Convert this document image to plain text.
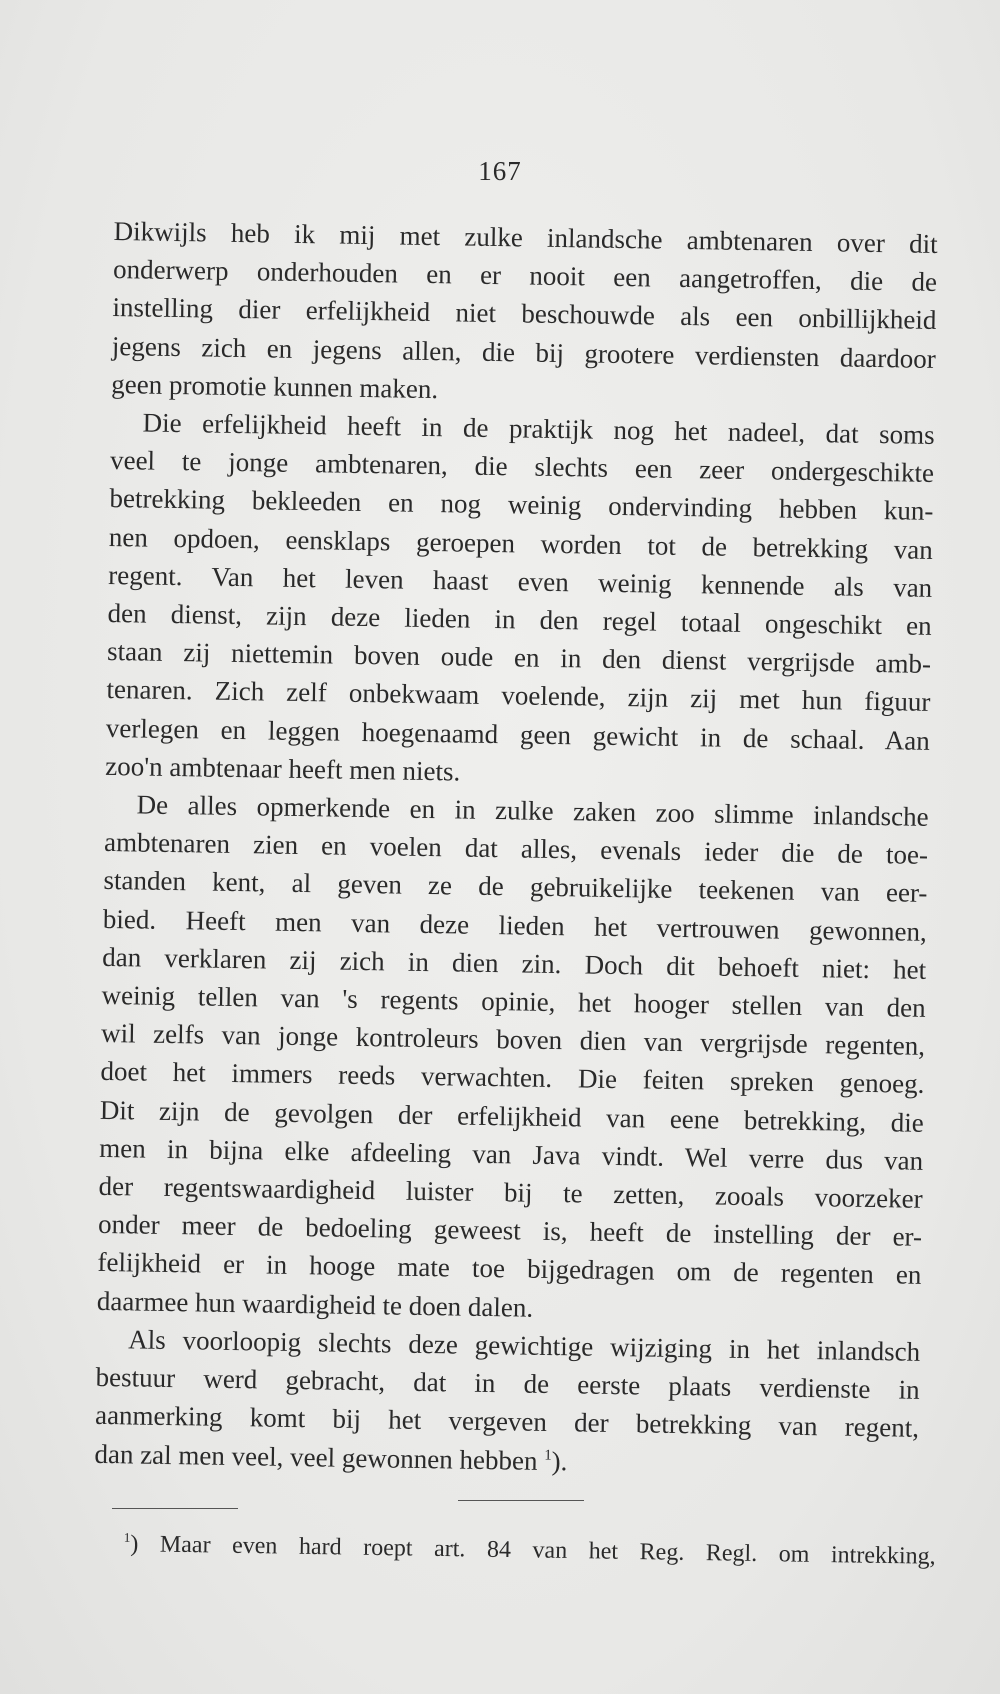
167

Dikwijls heb ik mij met zulke inlandsche ambtenaren over dit
onderwerp onderhouden en er nooit een aangetroffen, die de
instelling dier erfelijkheid niet beschouwde als een onbillijkheid
jegens zich en jegens allen, die bij grootere verdiensten daardoor
geen promotie kunnen maken.

Die erfelijkheid heeft in de praktijk nog het nadeel, dat soms
veel te jonge ambtenaren, die slechts een zeer ondergeschikte
betrekking bekleeden en nog weinig ondervinding hebben kun-
nen opdoen, eensklaps geroepen worden tot de betrekking van
regent. Van het leven haast even weinig kennende als van
den dienst, zijn deze lieden in den regel totaal ongeschikt en
staan zij niettemin boven oude en in den dienst vergrijsde amb-
tenaren. Zich zelf onbekwaam voelende, zijn zij met hun figuur
verlegen en leggen hoegenaamd geen gewicht in de schaal. Aan
zoo'n ambtenaar heeft men niets.

De alles opmerkende en in zulke zaken zoo slimme inlandsche
ambtenaren zien en voelen dat alles, evenals ieder die de toe-
standen kent, al geven ze de gebruikelijke teekenen van eer-
bied. Heeft men van deze lieden het vertrouwen gewonnen,
dan verklaren zij zich in dien zin. Doch dit behoeft niet: het
weinig tellen van 's regents opinie, het hooger stellen van den
wil zelfs van jonge kontroleurs boven dien van vergrijsde regenten,
doet het immers reeds verwachten. Die feiten spreken genoeg.
Dit zijn de gevolgen der erfelijkheid van eene betrekking, die
men in bijna elke afdeeling van Java vindt. Wel verre dus van
der regentswaardigheid luister bij te zetten, zooals voorzeker
onder meer de bedoeling geweest is, heeft de instelling der er-
felijkheid er in hooge mate toe bijgedragen om de regenten en
daarmee hun waardigheid te doen dalen.

Als voorloopig slechts deze gewichtige wijziging in het inlandsch
bestuur werd gebracht, dat in de eerste plaats verdienste in
aanmerking komt bij het vergeven der betrekking van regent,
dan zal men veel, veel gewonnen hebben $^1$).

$^1$) Maar even hard roept art. 84 van het Reg. Regl. om intrekking,
